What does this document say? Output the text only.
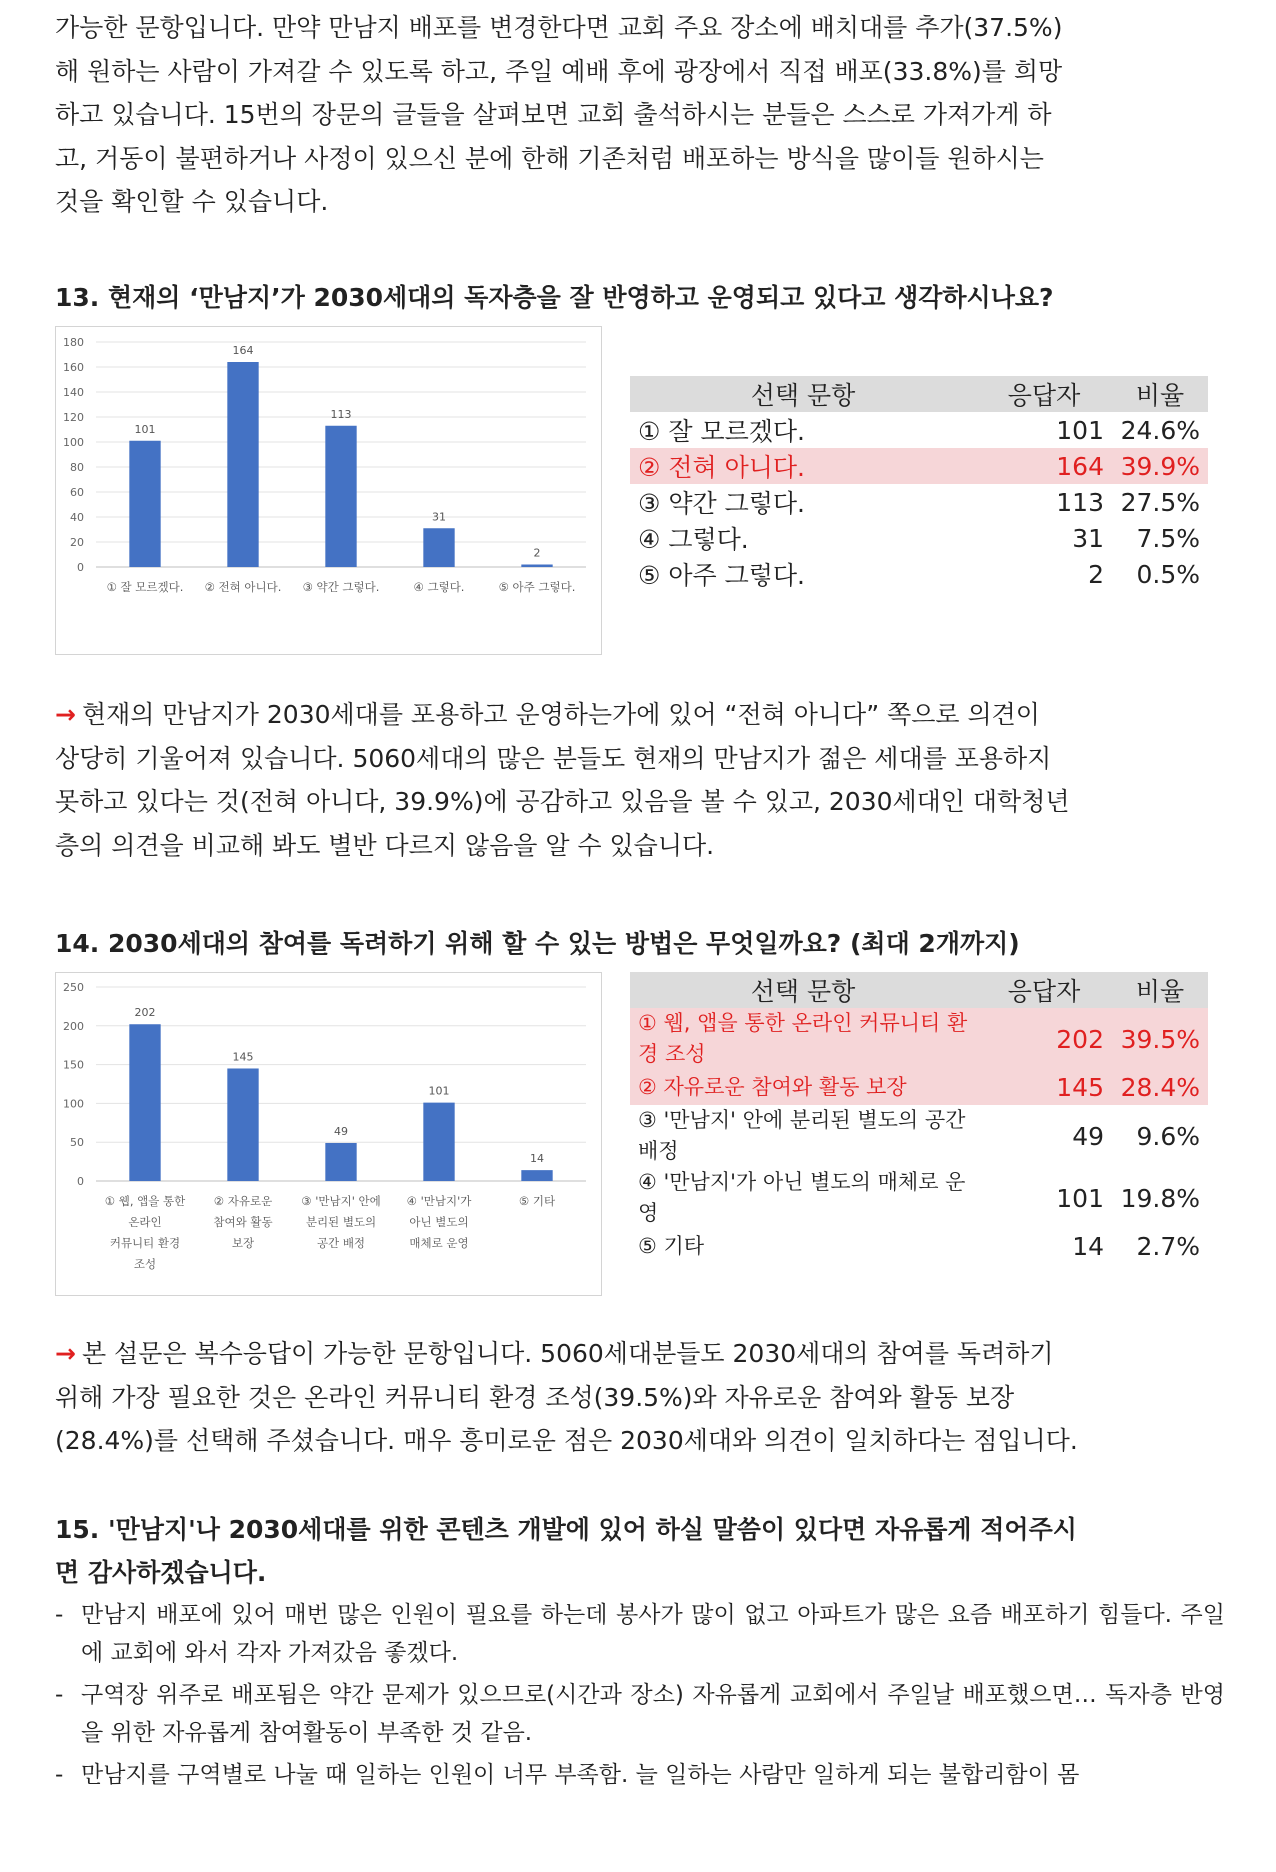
가능한 문항입니다. 만약 만남지 배포를 변경한다면 교회 주요 장소에 배치대를 추가(37.5%)
해 원하는 사람이 가져갈 수 있도록 하고, 주일 예배 후에 광장에서 직접 배포(33.8%)를 희망
하고 있습니다. 15번의 장문의 글들을 살펴보면 교회 출석하시는 분들은 스스로 가져가게 하
고, 거동이 불편하거나 사정이 있으신 분에 한해 기존처럼 배포하는 방식을 많이들 원하시는
것을 확인할 수 있습니다.
13. 현재의 ‘만남지’가 2030세대의 독자층을 잘 반영하고 운영되고 있다고 생각하시나요?
0
20
40
60
80
100
120
140
160
180
101
① 잘 모르겠다.
164
② 전혀 아니다.
113
③ 약간 그렇다.
31
④ 그렇다.
2
⑤ 아주 그렇다.
선택 문항	응답자	비율
① 잘 모르겠다.	101	24.6%
② 전혀 아니다.	164	39.9%
③ 약간 그렇다.	113	27.5%
④ 그렇다.	31	7.5%
⑤ 아주 그렇다.	2	0.5%
→ 현재의 만남지가 2030세대를 포용하고 운영하는가에 있어 “전혀 아니다” 쪽으로 의견이
상당히 기울어져 있습니다. 5060세대의 많은 분들도 현재의 만남지가 젊은 세대를 포용하지
못하고 있다는 것(전혀 아니다, 39.9%)에 공감하고 있음을 볼 수 있고, 2030세대인 대학청년
층의 의견을 비교해 봐도 별반 다르지 않음을 알 수 있습니다.
14. 2030세대의 참여를 독려하기 위해 할 수 있는 방법은 무엇일까요? (최대 2개까지)
0
50
100
150
200
250
202
① 웹, 앱을 통한
온라인
커뮤니티 환경
조성
145
② 자유로운
참여와 활동
보장
49
③ '만남지' 안에
분리된 별도의
공간 배정
101
④ '만남지'가
아닌 별도의
매체로 운영
14
⑤ 기타
선택 문항	응답자	비율
① 웹, 앱을 통한 온라인 커뮤니티 환경 조성	202	39.5%
② 자유로운 참여와 활동 보장	145	28.4%
③ '만남지' 안에 분리된 별도의 공간 배정	49	9.6%
④ '만남지'가 아닌 별도의 매체로 운영	101	19.8%
⑤ 기타	14	2.7%
→ 본 설문은 복수응답이 가능한 문항입니다. 5060세대분들도 2030세대의 참여를 독려하기
위해 가장 필요한 것은 온라인 커뮤니티 환경 조성(39.5%)와 자유로운 참여와 활동 보장
(28.4%)를 선택해 주셨습니다. 매우 흥미로운 점은 2030세대와 의견이 일치하다는 점입니다.
15. '만남지'나 2030세대를 위한 콘텐츠 개발에 있어 하실 말씀이 있다면 자유롭게 적어주시
면 감사하겠습니다.
- 만남지 배포에 있어 매번 많은 인원이 필요를 하는데 봉사가 많이 없고 아파트가 많은 요즘 배포하기 힘들다. 주일에 교회에 와서 각자 가져갔음 좋겠다.
- 구역장 위주로 배포됨은 약간 문제가 있으므로(시간과 장소) 자유롭게 교회에서 주일날 배포했으면… 독자층 반영을 위한 자유롭게 참여활동이 부족한 것 같음.
- 만남지를 구역별로 나눌 때 일하는 인원이 너무 부족함. 늘 일하는 사람만 일하게 되는 불합리함이 몸
